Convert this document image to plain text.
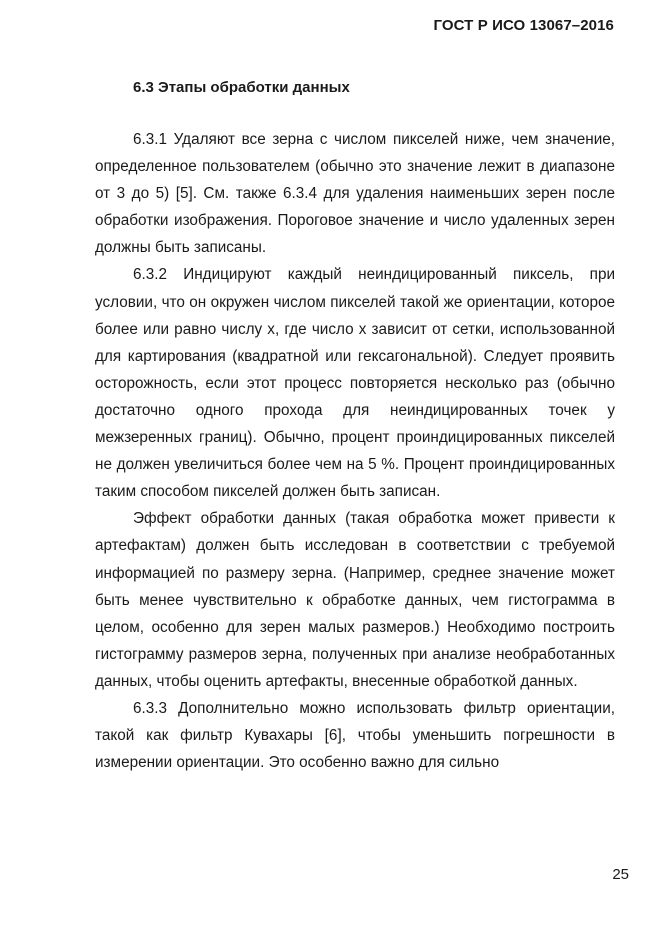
ГОСТ Р ИСО 13067–2016
6.3 Этапы обработки данных

6.3.1 Удаляют все зерна с числом пикселей ниже, чем значение, определенное пользователем (обычно это значение лежит в диапазоне от 3 до 5) [5]. См. также 6.3.4 для удаления наименьших зерен после обработки изображения. Пороговое значение и число удаленных зерен должны быть записаны.

6.3.2 Индицируют каждый неиндицированный пиксель, при условии, что он окружен числом пикселей такой же ориентации, которое более или равно числу x, где число x зависит от сетки, использованной для картирования (квадратной или гексагональной). Следует проявить осторожность, если этот процесс повторяется несколько раз (обычно достаточно одного прохода для неиндицированных точек у межзеренных границ). Обычно, процент проиндицированных пикселей не должен увеличиться более чем на 5 %. Процент проиндицированных таким способом пикселей должен быть записан.

Эффект обработки данных (такая обработка может привести к артефактам) должен быть исследован в соответствии с требуемой информацией по размеру зерна. (Например, среднее значение может быть менее чувствительно к обработке данных, чем гистограмма в целом, особенно для зерен малых размеров.) Необходимо построить гистограмму размеров зерна, полученных при анализе необработанных данных, чтобы оценить артефакты, внесенные обработкой данных.

6.3.3 Дополнительно можно использовать фильтр ориентации, такой как фильтр Кувахары [6], чтобы уменьшить погрешности в измерении ориентации. Это особенно важно для сильно

25
